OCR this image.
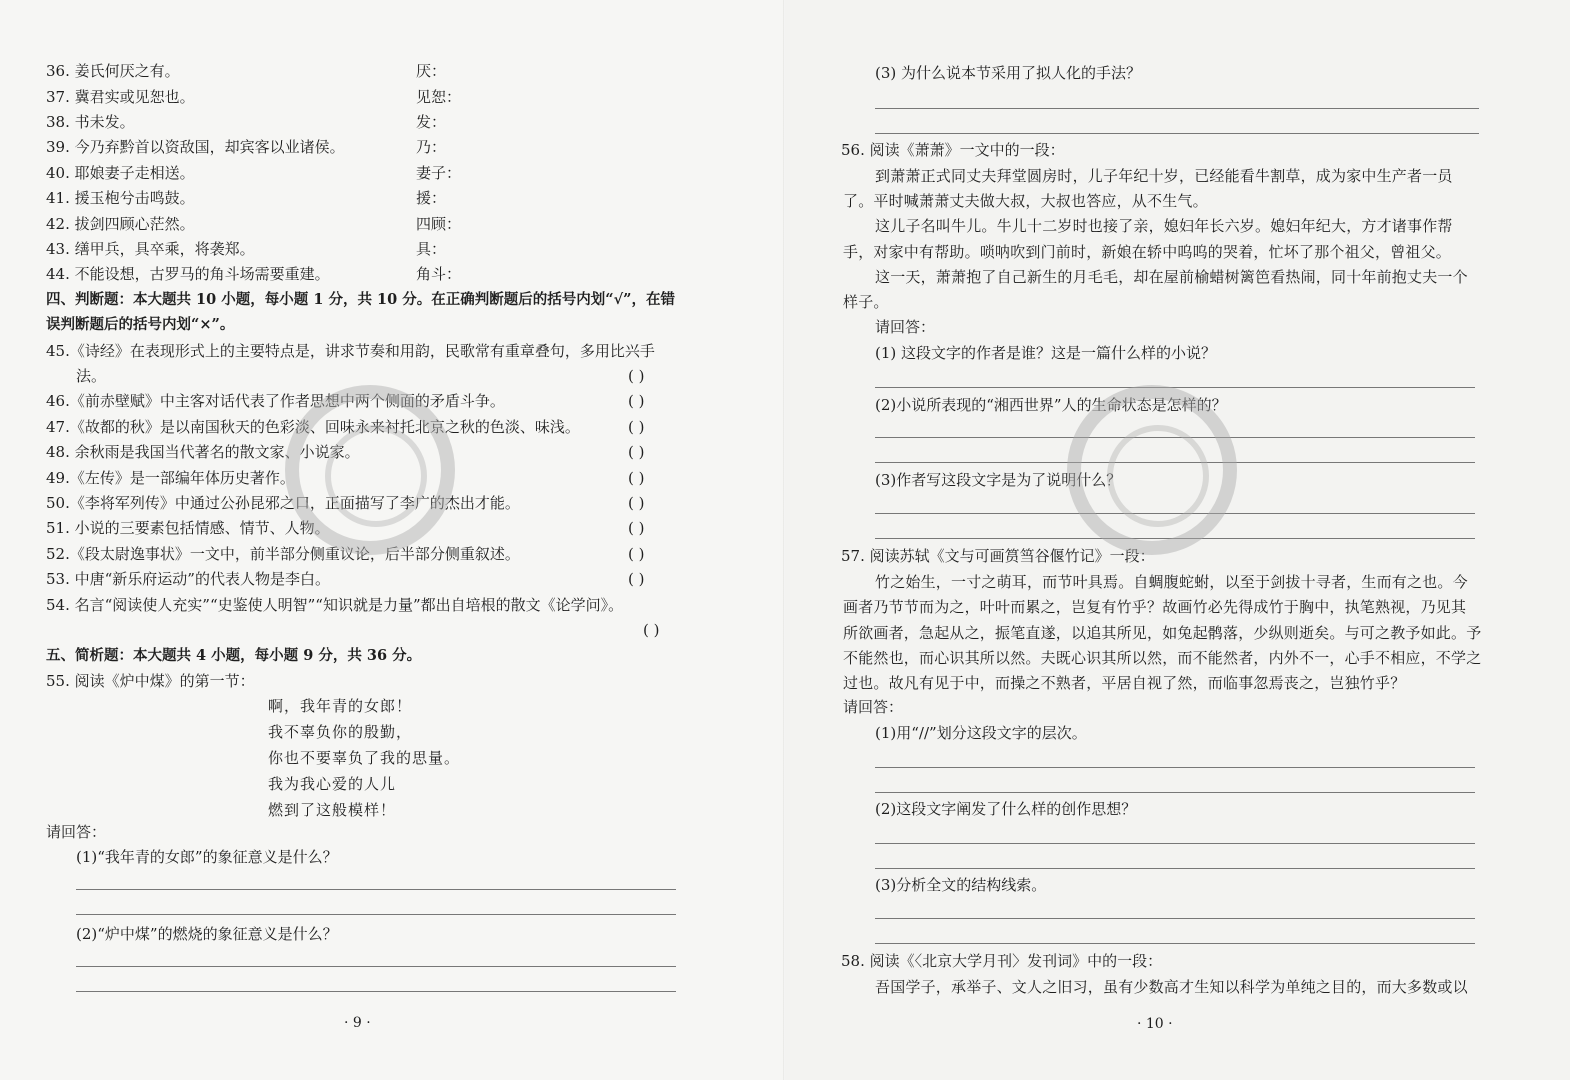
36. 姜氏何厌之有。	厌：
37. 冀君实或见恕也。	见恕：
38. 书未发。	发：
39. 今乃弃黔首以资敌国，却宾客以业诸侯。	乃：
40. 耶娘妻子走相送。	妻子：
41. 援玉枹兮击鸣鼓。	援：
42. 拔剑四顾心茫然。	四顾：
43. 缮甲兵，具卒乘，将袭郑。	具：
44. 不能设想，古罗马的角斗场需要重建。	角斗：
四、判断题：本大题共 10 小题，每小题 1 分，共 10 分。在正确判断题后的括号内划“√”，在错
误判断题后的括号内划“×”。
45.《诗经》在表现形式上的主要特点是，讲求节奏和用韵，民歌常有重章叠句，多用比兴手
法。	( )
46.《前赤壁赋》中主客对话代表了作者思想中两个侧面的矛盾斗争。	( )
47.《故都的秋》是以南国秋天的色彩淡、回味永来衬托北京之秋的色淡、味浅。	( )
48. 余秋雨是我国当代著名的散文家、小说家。	( )
49.《左传》是一部编年体历史著作。	( )
50.《李将军列传》中通过公孙昆邪之口，正面描写了李广的杰出才能。	( )
51. 小说的三要素包括情感、情节、人物。	( )
52.《段太尉逸事状》一文中，前半部分侧重议论，后半部分侧重叙述。	( )
53. 中唐“新乐府运动”的代表人物是李白。	( )
54. 名言“阅读使人充实”“史鉴使人明智”“知识就是力量”都出自培根的散文《论学问》。
( )
五、简析题：本大题共 4 小题，每小题 9 分，共 36 分。
55. 阅读《炉中煤》的第一节：
啊，我年青的女郎！
我不辜负你的殷勤，
你也不要辜负了我的思量。
我为我心爱的人儿
燃到了这般模样！
请回答：
(1)“我年青的女郎”的象征意义是什么？
(2)“炉中煤”的燃烧的象征意义是什么？
· 9 ·
(3) 为什么说本节采用了拟人化的手法？
56. 阅读《萧萧》一文中的一段：
到萧萧正式同丈夫拜堂圆房时，儿子年纪十岁，已经能看牛割草，成为家中生产者一员
了。平时喊萧萧丈夫做大叔，大叔也答应，从不生气。
这儿子名叫牛儿。牛儿十二岁时也接了亲，媳妇年长六岁。媳妇年纪大，方才诸事作帮
手，对家中有帮助。唢呐吹到门前时，新娘在轿中呜呜的哭着，忙坏了那个祖父，曾祖父。
这一天，萧萧抱了自己新生的月毛毛，却在屋前榆蜡树篱笆看热闹，同十年前抱丈夫一个
样子。
请回答：
(1) 这段文字的作者是谁？这是一篇什么样的小说？
(2)小说所表现的“湘西世界”人的生命状态是怎样的？
(3)作者写这段文字是为了说明什么？
57. 阅读苏轼《文与可画筼筜谷偃竹记》一段：
竹之始生，一寸之萌耳，而节叶具焉。自蜩腹蛇蚹，以至于剑拔十寻者，生而有之也。今
画者乃节节而为之，叶叶而累之，岂复有竹乎？故画竹必先得成竹于胸中，执笔熟视，乃见其
所欲画者，急起从之，振笔直遂，以追其所见，如兔起鹘落，少纵则逝矣。与可之教予如此。予
不能然也，而心识其所以然。夫既心识其所以然，而不能然者，内外不一，心手不相应，不学之
过也。故凡有见于中，而操之不熟者，平居自视了然，而临事忽焉丧之，岂独竹乎？
请回答：
(1)用“//”划分这段文字的层次。
(2)这段文字阐发了什么样的创作思想？
(3)分析全文的结构线索。
58. 阅读《〈北京大学月刊〉发刊词》中的一段：
吾国学子，承举子、文人之旧习，虽有少数高才生知以科学为单纯之目的，而大多数或以
· 10 ·
